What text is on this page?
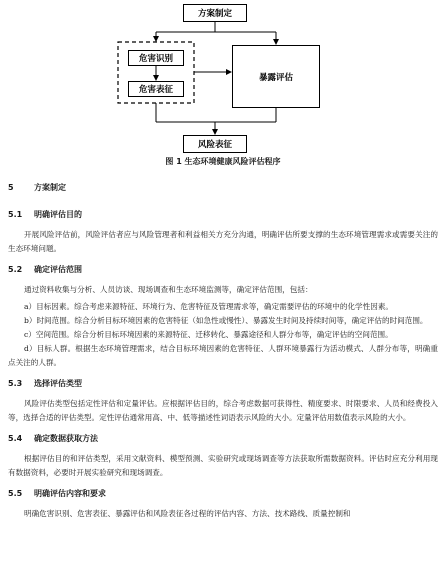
方案制定
危害识别
危害表征
暴露评估
风险表征
图 1 生态环境健康风险评估程序
5	方案制定
5.1 明确评估目的

开展风险评估前，风险评估者应与风险管理者和利益相关方充分沟通，明确评估所要支撑的生态环境管理需求或需要关注的生态环境问题。

5.2 确定评估范围

通过资料收集与分析、人员访谈、现场调查和生态环境监测等，确定评估范围，包括：

a）目标因素。综合考虑来源特征、环境行为、危害特征及管理需求等，确定需要评估的环境中的化学性因素。

b）时间范围。综合分析目标环境因素的危害特征（如急性或慢性）、暴露发生时间及持续时间等，确定评估的时间范围。

c）空间范围。综合分析目标环境因素的来源特征、迁移转化、暴露途径和人群分布等，确定评估的空间范围。

d）目标人群。根据生态环境管理需求，结合目标环境因素的危害特征、人群环境暴露行为活动模式、人群分布等，明确重点关注的人群。

5.3 选择评估类型

风险评估类型包括定性评估和定量评估。应根据评估目的，综合考虑数据可获得性、精度要求、时限要求、人员和经费投入等，选择合适的评估类型。定性评估通常用高、中、低等描述性词语表示风险的大小。定量评估用数值表示风险的大小。

5.4 确定数据获取方法

根据评估目的和评估类型，采用文献资料、模型预测、实验研究或现场调查等方法获取所需数据资料。评估时应充分利用现有数据资料，必要时开展实验研究和现场调查。

5.5 明确评估内容和要求

明确危害识别、危害表征、暴露评估和风险表征各过程的评估内容、方法、技术路线、质量控制和
